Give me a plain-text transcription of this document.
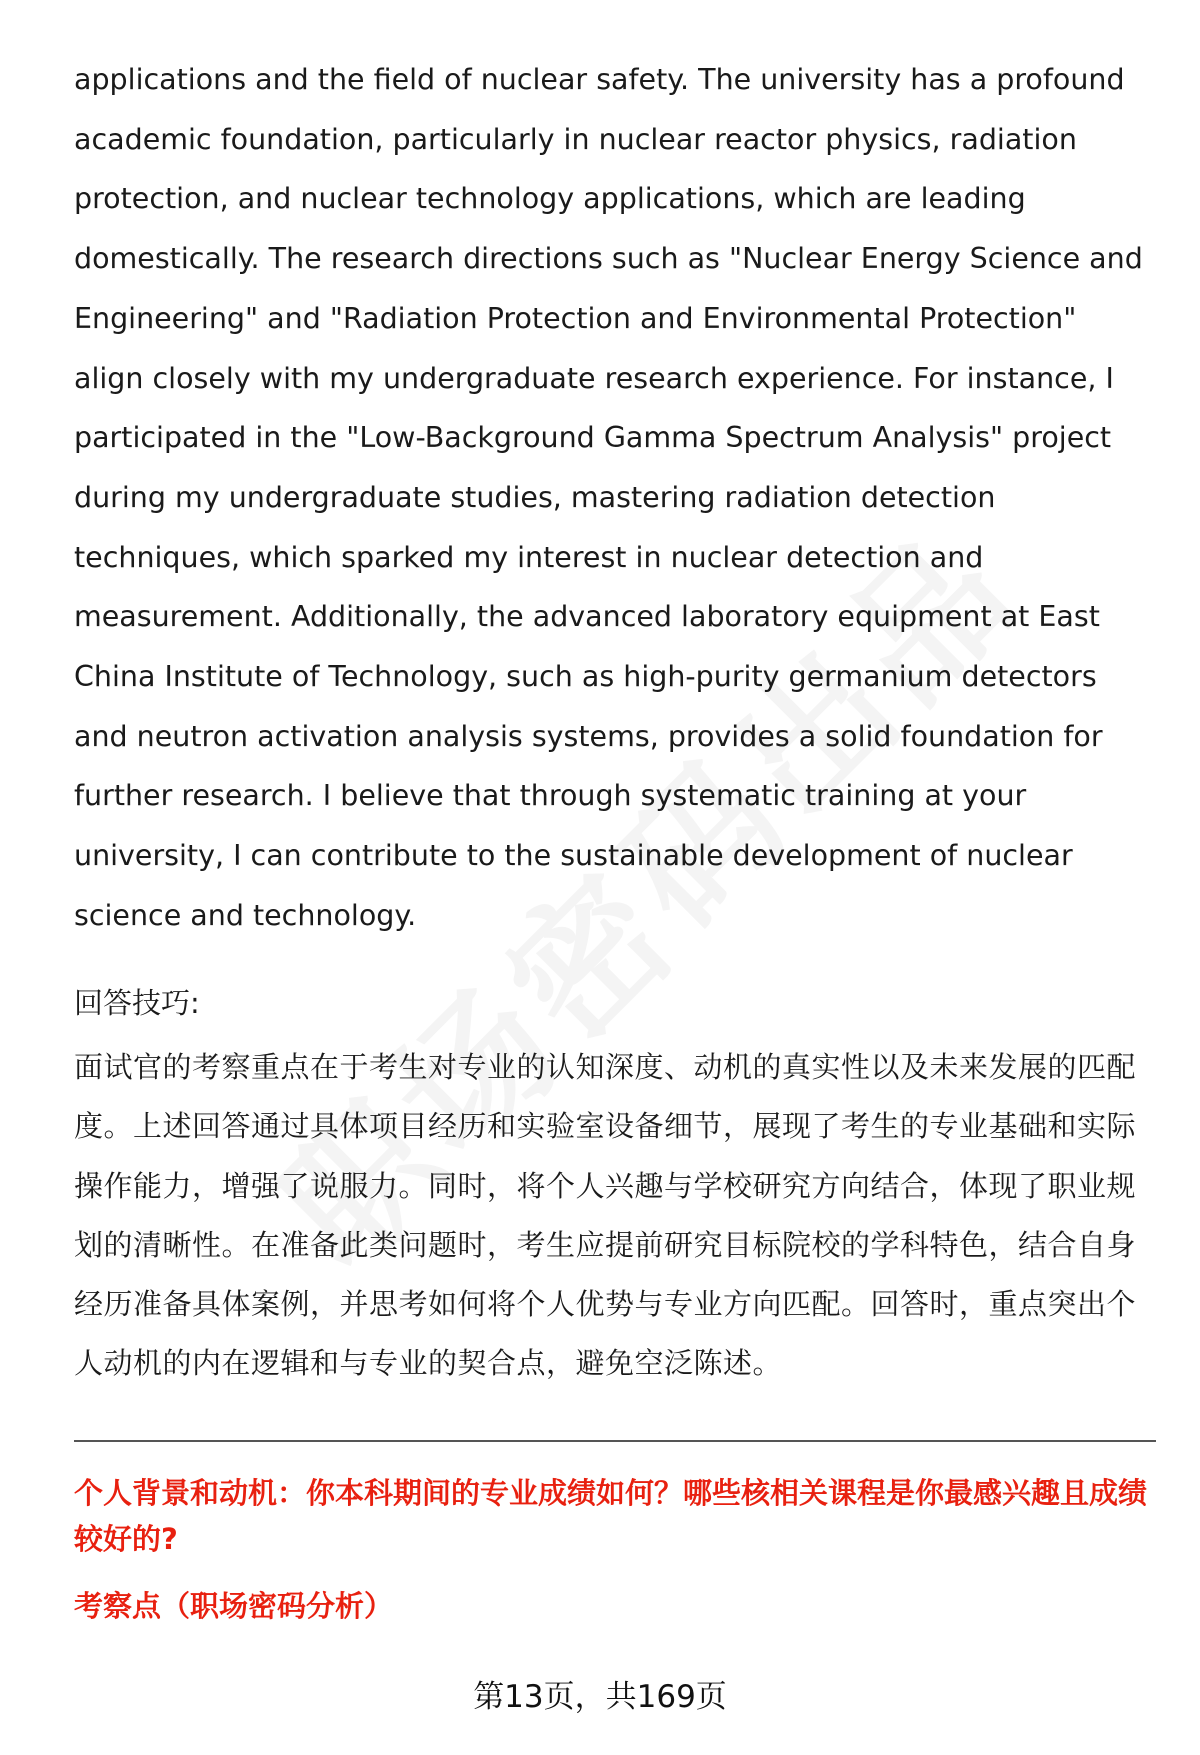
applications and the field of nuclear safety. The university has a profound academic foundation, particularly in nuclear reactor physics, radiation protection, and nuclear technology applications, which are leading domestically. The research directions such as "Nuclear Energy Science and Engineering" and "Radiation Protection and Environmental Protection" align closely with my undergraduate research experience. For instance, I participated in the "Low-Background Gamma Spectrum Analysis" project during my undergraduate studies, mastering radiation detection techniques, which sparked my interest in nuclear detection and measurement. Additionally, the advanced laboratory equipment at East China Institute of Technology, such as high-purity germanium detectors and neutron activation analysis systems, provides a solid foundation for further research. I believe that through systematic training at your university, I can contribute to the sustainable development of nuclear science and technology.

回答技巧:

面试官的考察重点在于考生对专业的认知深度、动机的真实性以及未来发展的匹配度。上述回答通过具体项目经历和实验室设备细节，展现了考生的专业基础和实际操作能力，增强了说服力。同时，将个人兴趣与学校研究方向结合，体现了职业规划的清晰性。在准备此类问题时，考生应提前研究目标院校的学科特色，结合自身经历准备具体案例，并思考如何将个人优势与专业方向匹配。回答时，重点突出个人动机的内在逻辑和与专业的契合点，避免空泛陈述。

个人背景和动机：你本科期间的专业成绩如何？哪些核相关课程是你最感兴趣且成绩较好的?

考察点（职场密码分析）

第13页，共169页
